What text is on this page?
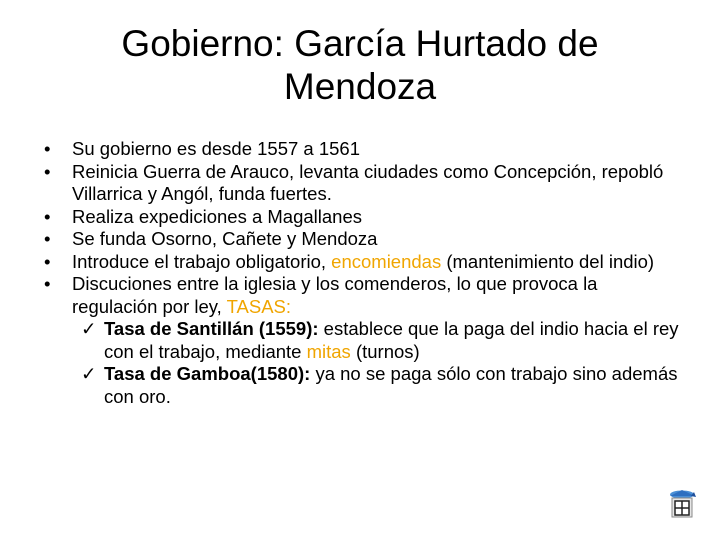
Gobierno: García Hurtado de Mendoza
• Su gobierno es desde 1557 a 1561
• Reinicia Guerra de Arauco, levanta ciudades como Concepción, repobló Villarrica y Angól, funda fuertes.
• Realiza expediciones a Magallanes
• Se funda Osorno, Cañete y Mendoza
• Introduce el trabajo obligatorio, encomiendas (mantenimiento del indio)
• Discuciones entre la iglesia y los comenderos, lo que provoca la regulación por ley, TASAS:
✓ Tasa de Santillán (1559): establece que la paga del indio hacia el rey con el trabajo, mediante mitas (turnos)
✓ Tasa de Gamboa(1580): ya no se paga sólo con trabajo sino además con oro.
